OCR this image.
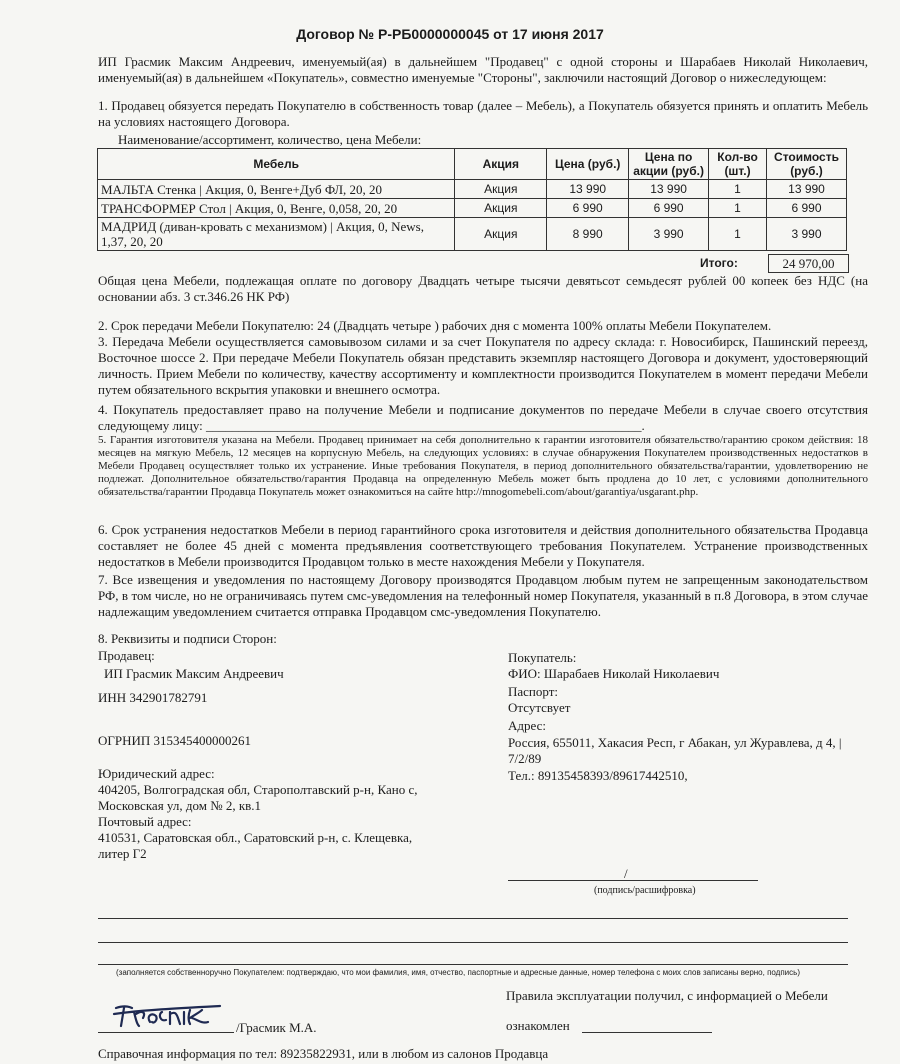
Договор № Р-РБ0000000045 от 17 июня 2017
ИП Грасмик Максим Андреевич, именуемый(ая) в дальнейшем "Продавец" с одной стороны и Шарабаев Николай Николаевич, именуемый(ая) в дальнейшем «Покупатель», совместно именуемые "Стороны", заключили настоящий Договор о нижеследующем:
1. Продавец обязуется передать Покупателю в собственность товар (далее – Мебель), а Покупатель обязуется принять и оплатить Мебель на условиях настоящего Договора.
Наименование/ассортимент, количество, цена Мебели:
Мебель	Акция	Цена (руб.)	Цена по акции (руб.)	Кол-во (шт.)	Стоимость (руб.)
МАЛЬТА Стенка | Акция, 0, Венге+Дуб ФЛ, 20, 20	Акция	13 990	13 990	1	13 990
ТРАНСФОРМЕР Стол | Акция, 0, Венге, 0,058, 20, 20	Акция	6 990	6 990	1	6 990
МАДРИД (диван-кровать с механизмом) | Акция, 0, News, 1,37, 20, 20	Акция	8 990	3 990	1	3 990
Итого:	24 970,00
Общая цена Мебели, подлежащая оплате по договору Двадцать четыре тысячи девятьсот семьдесят рублей 00 копеек без НДС (на основании абз. 3 ст.346.26 НК РФ)
2. Срок передачи Мебели Покупателю: 24 (Двадцать четыре ) рабочих дня с момента 100% оплаты Мебели Покупателем.
3. Передача Мебели осуществляется самовывозом силами и за счет Покупателя по адресу склада: г. Новосибирск, Пашинский переезд, Восточное шоссе 2. При передаче Мебели Покупатель обязан представить экземпляр настоящего Договора и документ, удостоверяющий личность. Прием Мебели по количеству, качеству ассортименту и комплектности производится Покупателем в момент передачи Мебели путем обязательного вскрытия упаковки и внешнего осмотра.
4. Покупатель предоставляет право на получение Мебели и подписание документов по передаче Мебели в случае своего отсутствия следующему лицу: ___________________________________________________________________.
5. Гарантия изготовителя указана на Мебели. Продавец принимает на себя дополнительно к гарантии изготовителя обязательство/гарантию сроком действия: 18 месяцев на мягкую Мебель, 12 месяцев на корпусную Мебель, на следующих условиях: в случае обнаружения Покупателем производственных недостатков в Мебели Продавец осуществляет только их устранение. Иные требования Покупателя, в период дополнительного обязательства/гарантии, удовлетворению не подлежат. Дополнительное обязательство/гарантия Продавца на определенную Мебель может быть продлена до 10 лет, с условиями дополнительного обязательства/гарантии Продавца Покупатель может ознакомиться на сайте http://mnogomebeli.com/about/garantiya/usgarant.php.
6. Срок устранения недостатков Мебели в период гарантийного срока изготовителя и действия дополнительного обязательства Продавца составляет не более 45 дней с момента предъявления соответствующего требования Покупателем. Устранение производственных недостатков в Мебели производится Продавцом только в месте нахождения Мебели у Покупателя.
7. Все извещения и уведомления по настоящему Договору производятся Продавцом любым путем не запрещенным законодательством РФ, в том числе, но не ограничиваясь путем смс-уведомления на телефонный номер Покупателя, указанный в п.8 Договора, в этом случае надлежащим уведомлением считается отправка Продавцом смс-уведомления Покупателю.
8. Реквизиты и подписи Сторон:
Продавец:
ИП Грасмик Максим Андреевич
ИНН 342901782791
ОГРНИП 315345400000261
Юридический адрес:
404205, Волгоградская обл, Старополтавский р-н, Кано с,
Московская ул, дом № 2, кв.1
Почтовый адрес:
410531, Саратовская обл., Саратовский р-н, с. Клещевка,
литер Г2
Покупатель:
ФИО: Шарабаев Николай Николаевич
Паспорт:
Отсутсвует
Адрес:
Россия, 655011, Хакасия Респ, г Абакан, ул Журавлева, д 4, |
7/2/89
Тел.: 89135458393/89617442510,
/
(подпись/расшифровка)
(заполняется собственноручно Покупателем: подтверждаю, что мои фамилия, имя, отчество, паспортные и адресные данные, номер телефона с моих слов записаны верно, подпись)
Правила эксплуатации получил, с информацией о Мебели
ознакомлен
/Грасмик М.А.
Справочная информация по тел: 89235822931, или в любом из салонов Продавца
